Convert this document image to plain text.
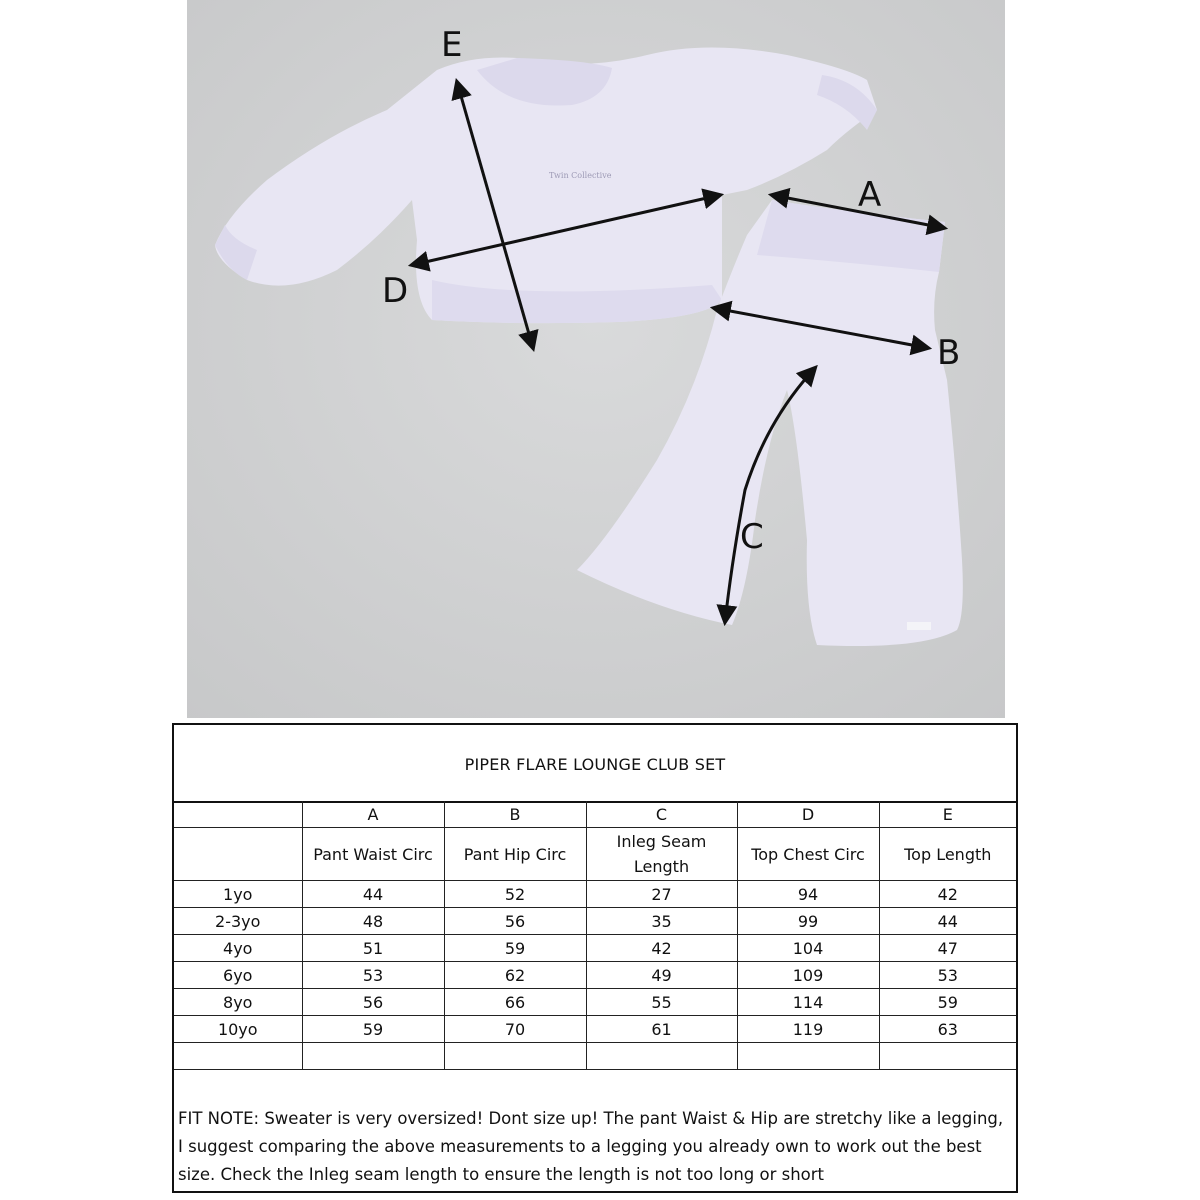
Twin Collective
E
A
D
B
C
PIPER FLARE LOUNGE CLUB SET
	A	B	C	D	E
	Pant Waist Circ	Pant Hip Circ	Inleg Seam Length	Top Chest Circ	Top Length
1yo	44	52	27	94	42
2-3yo	48	56	35	99	44
4yo	51	59	42	104	47
6yo	53	62	49	109	53
8yo	56	66	55	114	59
10yo	59	70	61	119	63

FIT NOTE: Sweater is very oversized! Dont size up! The pant Waist & Hip are stretchy like a legging, I suggest comparing the above measurements to a legging you already own to work out the best size. Check the Inleg seam length to ensure the length is not too long or short
